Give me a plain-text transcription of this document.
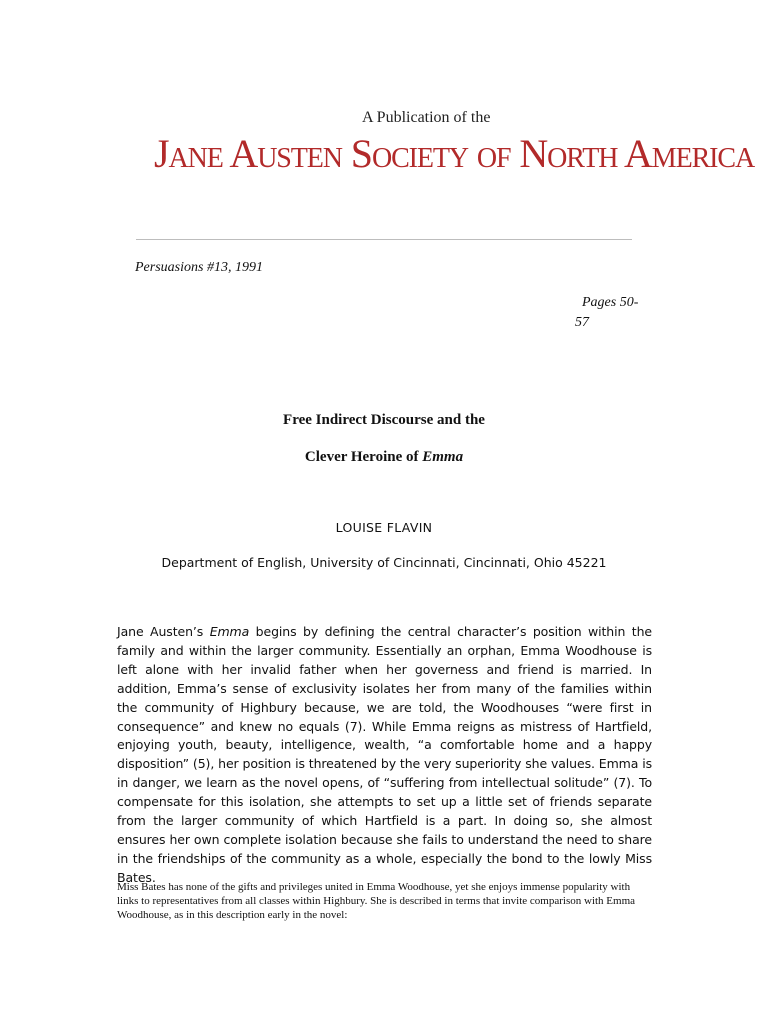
A Publication of the
Jane Austen Society of North America
Persuasions #13, 1991
Pages 50-57
Free Indirect Discourse and the
Clever Heroine of Emma
LOUISE FLAVIN
Department of English, University of Cincinnati, Cincinnati, Ohio 45221
Jane Austen’s Emma begins by defining the central character’s position within the family and within the larger community. Essentially an orphan, Emma Woodhouse is left alone with her invalid father when her governess and friend is married. In addition, Emma’s sense of exclusivity isolates her from many of the families within the community of Highbury because, we are told, the Woodhouses “were first in consequence” and knew no equals (7). While Emma reigns as mistress of Hartfield, enjoying youth, beauty, intelligence, wealth, “a comfortable home and a happy disposition” (5), her position is threatened by the very superiority she values. Emma is in danger, we learn as the novel opens, of “suffering from intellectual solitude” (7). To compensate for this isolation, she attempts to set up a little set of friends separate from the larger community of which Hartfield is a part. In doing so, she almost ensures her own complete isolation because she fails to understand the need to share in the friendships of the community as a whole, especially the bond to the lowly Miss Bates.
Miss Bates has none of the gifts and privileges united in Emma Woodhouse, yet she enjoys immense popularity with links to representatives from all classes within Highbury. She is described in terms that invite comparison with Emma Woodhouse, as in this description early in the novel:
